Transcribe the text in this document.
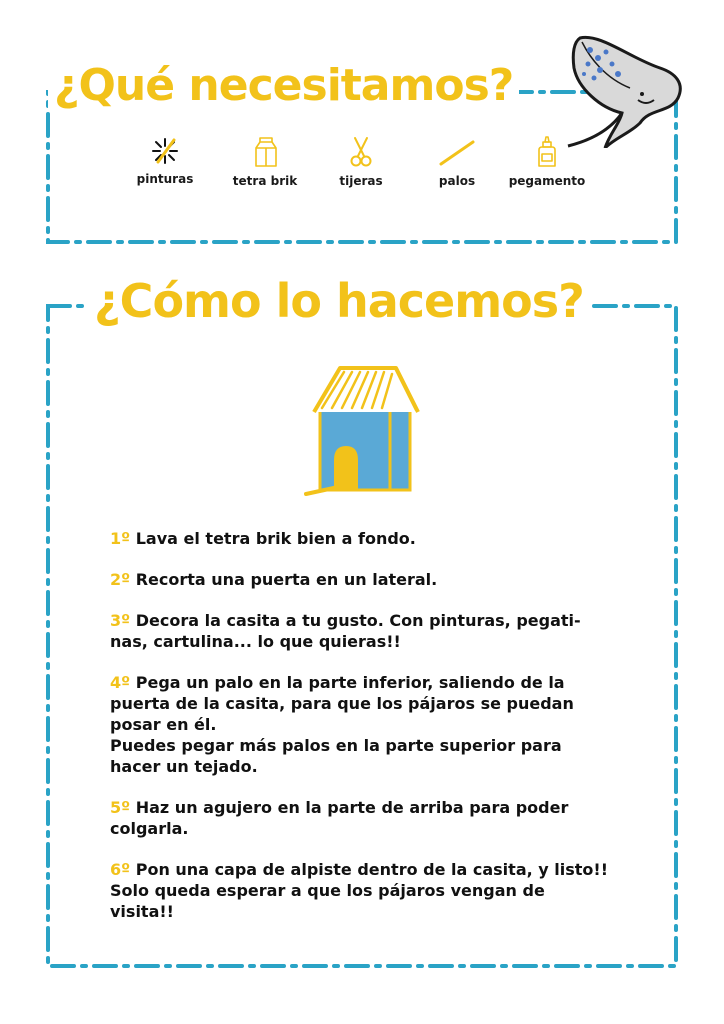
¿Qué necesitamos?
pinturas	tetra brik	tijeras	palos	pegamento
¿Cómo lo hacemos?
1º Lava el tetra brik bien a fondo.
2º Recorta una puerta en un lateral.
3º Decora la casita a tu gusto. Con pinturas, pegati-
nas, cartulina... lo que quieras!!
4º Pega un palo en la parte inferior, saliendo de la
puerta de la casita, para que los pájaros se puedan
posar en él.
Puedes pegar más palos en la parte superior para
hacer un tejado.
5º Haz un agujero en la parte de arriba para poder
colgarla.
6º Pon una capa de alpiste dentro de la casita, y listo!!
Solo queda esperar a que los pájaros vengan de
visita!!
